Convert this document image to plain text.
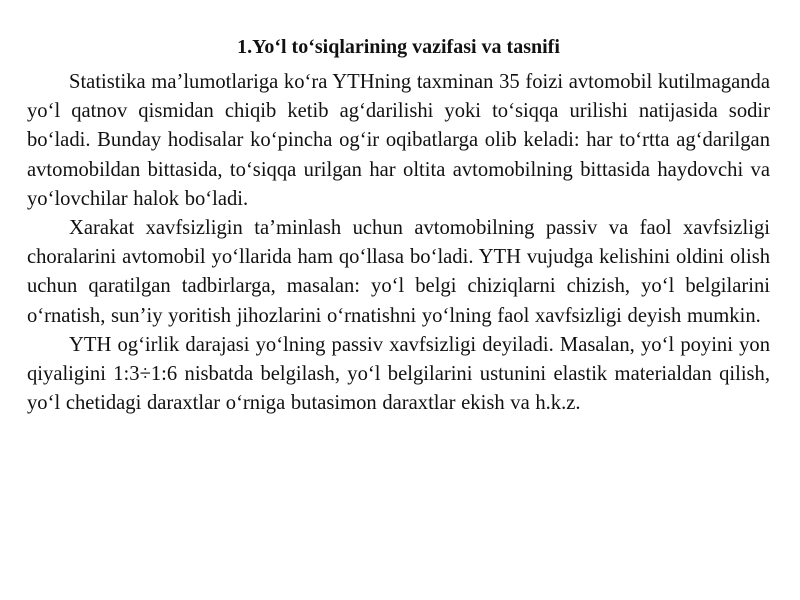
1.Yo‘l to‘siqlarining vazifasi va tasnifi

Statistika ma’lumotlariga ko‘ra YTHning taxminan 35 foizi avtomobil kutilmaganda yo‘l qatnov qismidan chiqib ketib ag‘darilishi yoki to‘siqqa urilishi natijasida sodir bo‘ladi. Bunday hodisalar ko‘pincha og‘ir oqibatlarga olib keladi: har to‘rtta ag‘darilgan avtomobildan bittasida, to‘siqqa urilgan har oltita avtomobilning bittasida haydovchi va yo‘lovchilar halok bo‘ladi.

Xarakat xavfsizligin ta’minlash uchun avtomobilning passiv va faol xavfsizligi choralarini avtomobil yo‘llarida ham qo‘llasa bo‘ladi. YTH vujudga kelishini oldini olish uchun qaratilgan tadbirlarga, masalan: yo‘l belgi chiziqlarni chizish, yo‘l belgilarini o‘rnatish, sun’iy yoritish jihozlarini o‘rnatishni yo‘lning faol xavfsizligi deyish mumkin.

YTH og‘irlik darajasi yo‘lning passiv xavfsizligi deyiladi. Masalan, yo‘l poyini yon qiyaligini 1:3÷1:6 nisbatda belgilash, yo‘l belgilarini ustunini elastik materialdan qilish, yo‘l chetidagi daraxtlar o‘rniga butasimon daraxtlar ekish va h.k.z.
